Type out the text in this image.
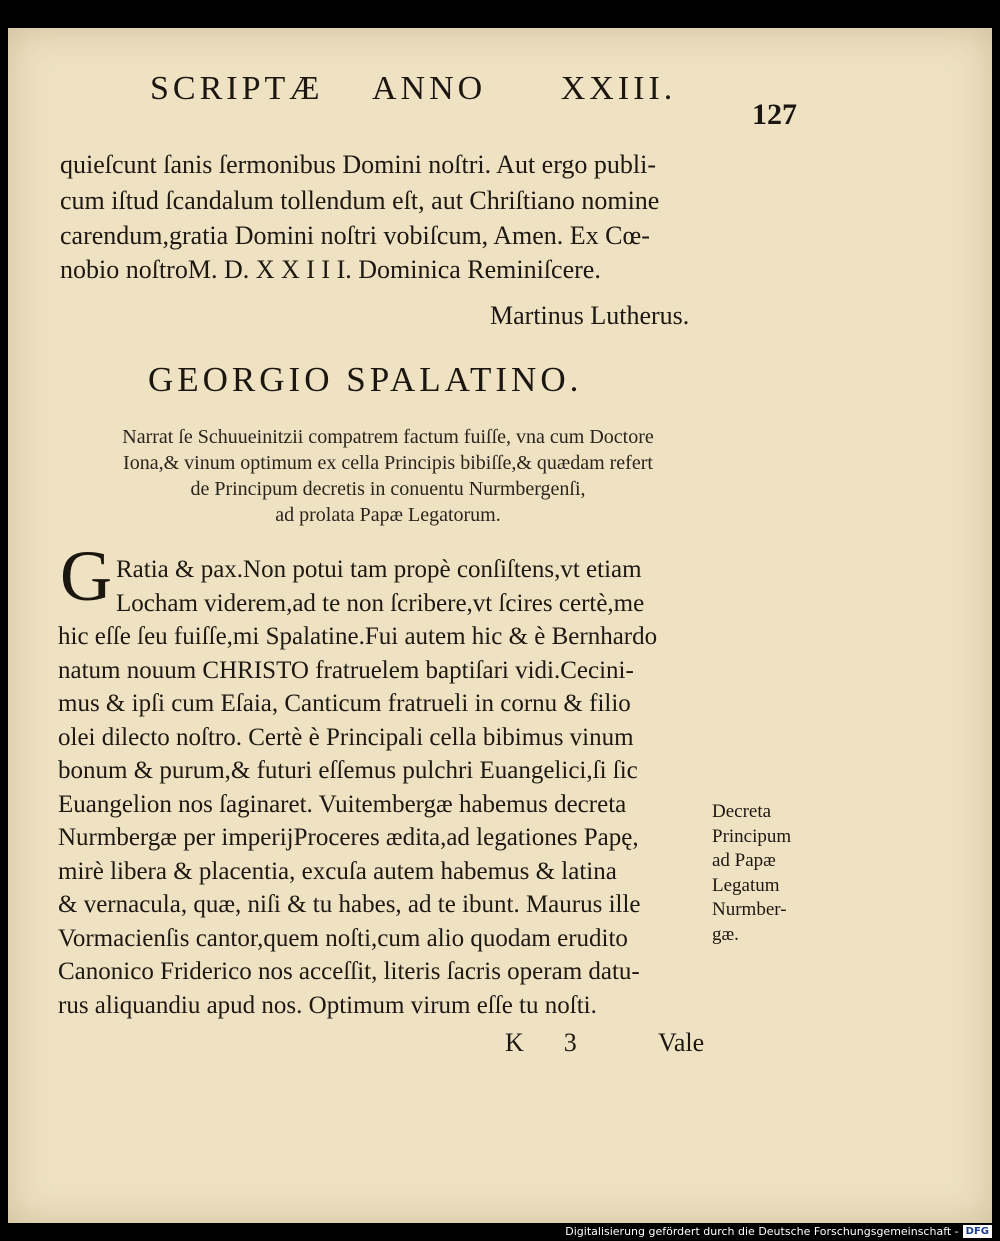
SCRIPTÆ ANNO XXIII.
127
quieſcunt ſanis ſermonibus Domini noſtri. Aut ergo publi-
cum iſtud ſcandalum tollendum eſt, aut Chriſtiano nomine
carendum,gratia Domini noſtri vobiſcum, Amen. Ex Cœ-
nobio noſtroM. D. X X I I I. Dominica Reminiſcere.
Martinus Lutherus.
GEORGIO SPALATINO.
Narrat ſe Schuueinitzii compatrem factum fuiſſe, vna cum Doctore
Iona,& vinum optimum ex cella Principis bibiſſe,& quædam refert
de Principum decretis in conuentu Nurmbergenſi,
ad prolata Papæ Legatorum.
G Ratia & pax.Non potui tam propè conſiſtens,vt etiam
Locham viderem,ad te non ſcribere,vt ſcires certè,me
hic eſſe ſeu fuiſſe,mi Spalatine.Fui autem hic & è Bernhardo
natum nouum CHRISTO fratruelem baptiſari vidi.Cecini-
mus & ipſi cum Eſaia, Canticum fratrueli in cornu & filio
olei dilecto noſtro. Certè è Principali cella bibimus vinum
bonum & purum,& futuri eſſemus pulchri Euangelici,ſi ſic
Euangelion nos ſaginaret. Vuitembergæ habemus decreta
Nurmbergæ per imperijProceres ædita,ad legationes Papę,
mirè libera & placentia, excuſa autem habemus & latina
& vernacula, quæ, niſi & tu habes, ad te ibunt. Maurus ille
Vormacienſis cantor,quem noſti,cum alio quodam erudito
Canonico Friderico nos acceſſit, literis ſacris operam datu-
rus aliquandiu apud nos. Optimum virum eſſe tu noſti.
Decreta
Principum
ad Papæ
Legatum
Nurmber-
gæ.
K 3	Vale
Digitalisierung gefördert durch die Deutsche Forschungsgemeinschaft - DFG
